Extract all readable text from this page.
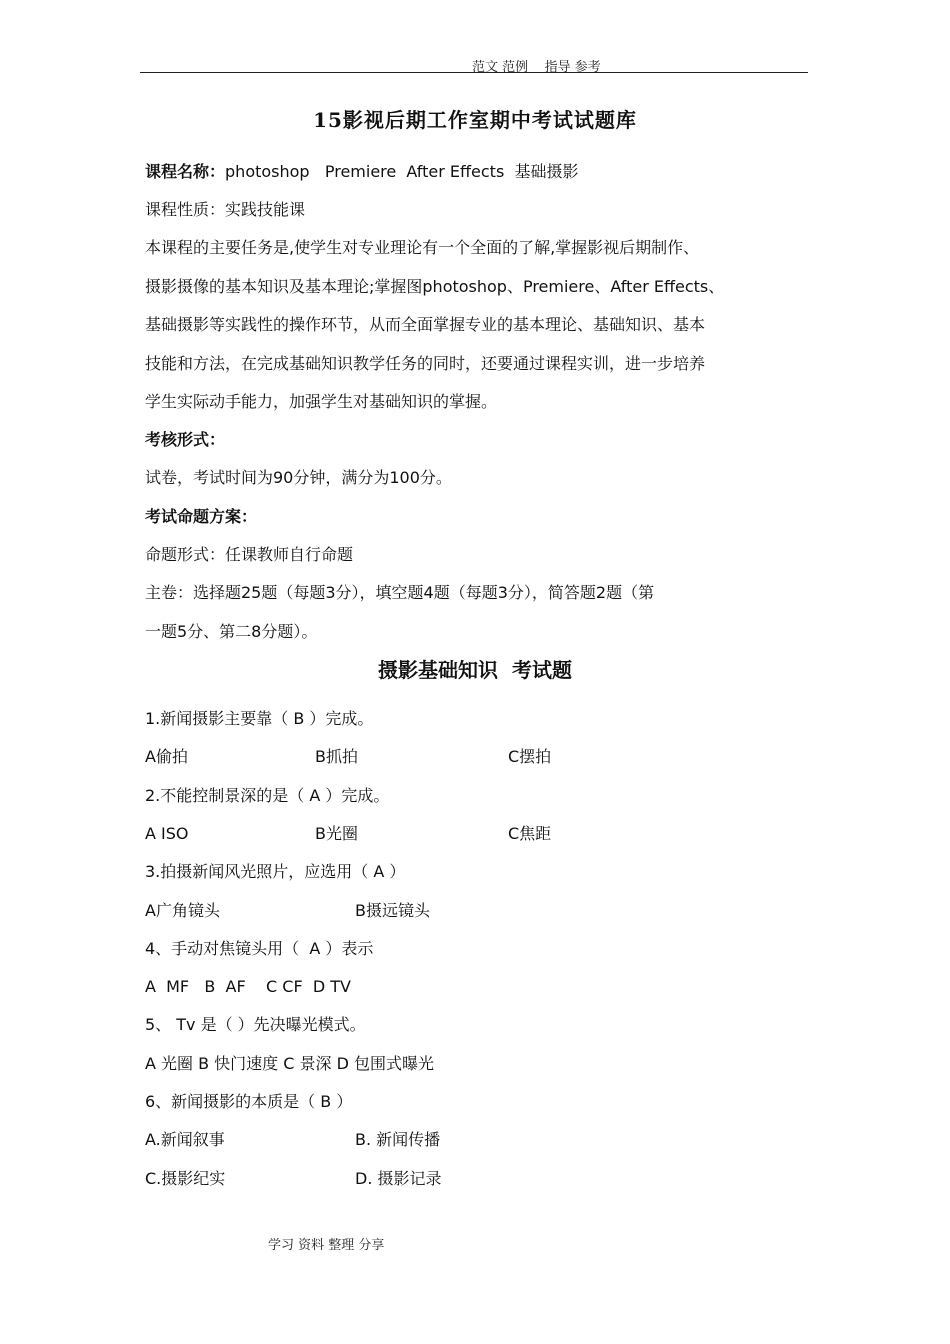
范文 范例    指导 参考
15影视后期工作室期中考试试题库
课程名称：photoshop   Premiere  After Effects  基础摄影
课程性质：实践技能课
本课程的主要任务是,使学生对专业理论有一个全面的了解,掌握影视后期制作、
摄影摄像的基本知识及基本理论;掌握图photoshop、Premiere、After Effects、
基础摄影等实践性的操作环节，从而全面掌握专业的基本理论、基础知识、基本
技能和方法，在完成基础知识教学任务的同时，还要通过课程实训，进一步培养
学生实际动手能力，加强学生对基础知识的掌握。
考核形式：
试卷，考试时间为90分钟，满分为100分。
考试命题方案：
命题形式：任课教师自行命题
主卷：选择题25题（每题3分），填空题4题（每题3分），简答题2题（第
一题5分、第二8分题）。
摄影基础知识  考试题
1.新闻摄影主要靠（ B ）完成。
A偷拍	B抓拍	C摆拍
2.不能控制景深的是（ A ）完成。
A ISO	B光圈	C焦距
3.拍摄新闻风光照片，应选用（ A ）
A广角镜头	B摄远镜头
4、手动对焦镜头用（  A ）表示
A  MF   B  AF    C CF  D TV
5、 Tv 是（ ）先决曝光模式。
A 光圈 B 快门速度 C 景深 D 包围式曝光
6、新闻摄影的本质是（ B ）
A.新闻叙事	B. 新闻传播
C.摄影纪实	D. 摄影记录
学习 资料 整理 分享
